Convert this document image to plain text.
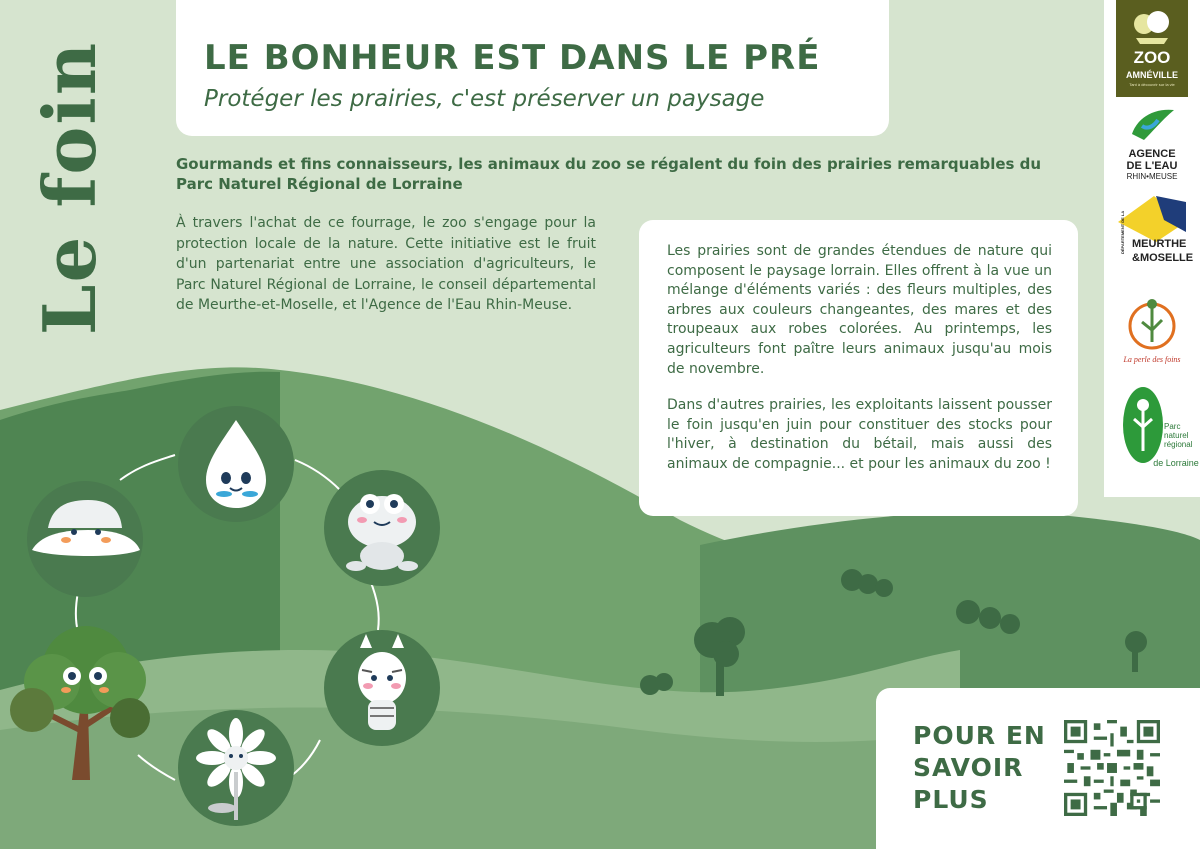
Le foin	LE BONHEUR EST DANS LE PRÉ
Protéger les prairies, c'est préserver un paysage
Gourmands et fins connaisseurs, les animaux du zoo se régalent du foin des prairies remarquables du Parc Naturel Régional de Lorraine
À travers l'achat de ce fourrage, le zoo s'engage pour la protection locale de la nature. Cette initiative est le fruit d'un partenariat entre une association d'agriculteurs, le Parc Naturel Régional de Lorraine, le conseil départemental de Meurthe-et-Moselle, et l'Agence de l'Eau Rhin-Meuse.

Les prairies sont de grandes étendues de nature qui composent le paysage lorrain. Elles offrent à la vue un mélange d'éléments variés : des fleurs multiples, des arbres aux couleurs changeantes, des mares et des troupeaux aux robes colorées. Au printemps, les agriculteurs font paître leurs animaux jusqu'au mois de novembre.

Dans d'autres prairies, les exploitants laissent pousser le foin jusqu'en juin pour constituer des stocks pour l'hiver, à destination du bétail, mais aussi des animaux de compagnie... et pour les animaux du zoo !

ZOO
AMNÉVILLE
Tant à découvrir sur la vie
AGENCE
DE L'EAU
RHIN•MEUSE
DÉPARTEMENT DE LA MEURTHE
&MOSELLE
La perle des foins
Parc
naturel
régional
de Lorraine
POUR EN SAVOIR PLUS
